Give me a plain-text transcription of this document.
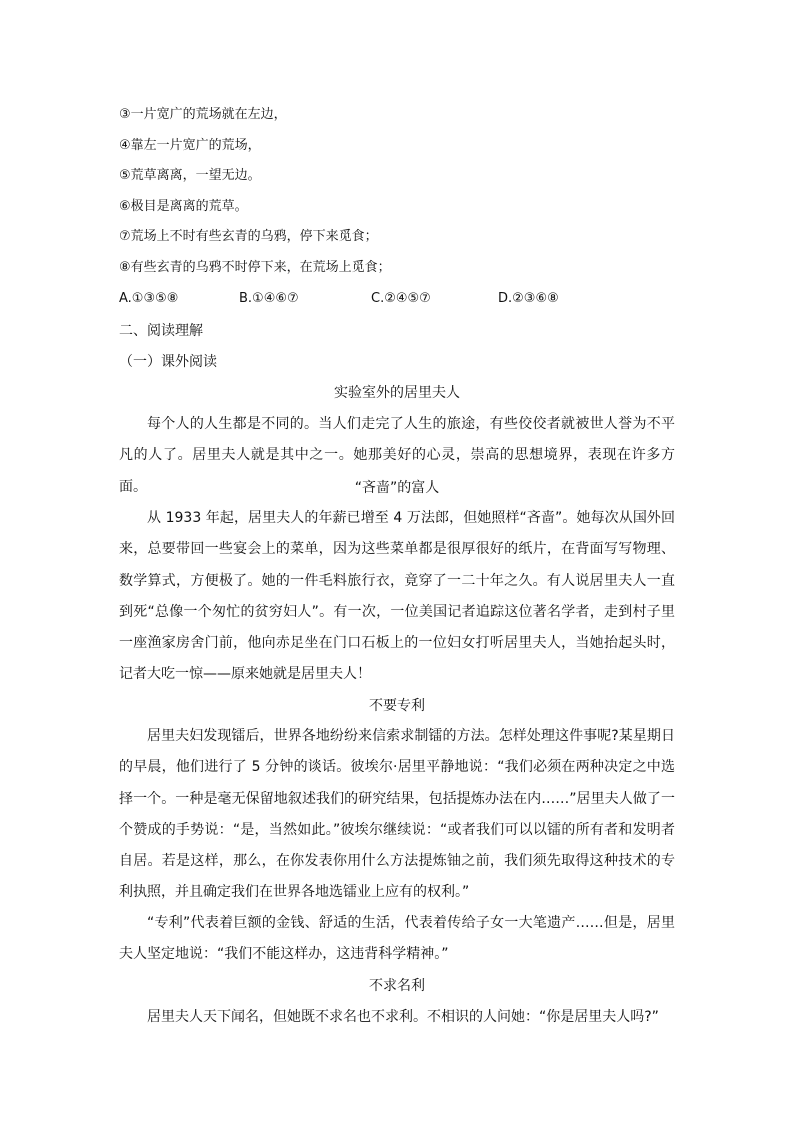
③一片宽广的荒场就在左边，
④靠左一片宽广的荒场，
⑤荒草离离，一望无边。
⑥极目是离离的荒草。
⑦荒场上不时有些玄青的乌鸦，停下来觅食；
⑧有些玄青的乌鸦不时停下来，在荒场上觅食；
A.①③⑤⑧	B.①④⑥⑦	C.②④⑤⑦	D.②③⑥⑧
二、阅读理解
（一）课外阅读
实验室外的居里夫人
每个人的人生都是不同的。当人们走完了人生的旅途，有些佼佼者就被世人誉为不平凡的人了。居里夫人就是其中之一。她那美好的心灵，崇高的思想境界，表现在许多方面。	“吝啬”的富人
从 1933 年起，居里夫人的年薪已增至 4 万法郎，但她照样“吝啬”。她每次从国外回来，总要带回一些宴会上的菜单，因为这些菜单都是很厚很好的纸片，在背面写写物理、数学算式，方便极了。她的一件毛料旅行衣，竟穿了一二十年之久。有人说居里夫人一直到死“总像一个匆忙的贫穷妇人”。有一次，一位美国记者追踪这位著名学者，走到村子里一座渔家房舍门前，他向赤足坐在门口石板上的一位妇女打听居里夫人，当她抬起头时，记者大吃一惊——原来她就是居里夫人！
不要专利
居里夫妇发现镭后，世界各地纷纷来信索求制镭的方法。怎样处理这件事呢?某星期日的早晨，他们进行了 5 分钟的谈话。彼埃尔·居里平静地说：“我们必须在两种决定之中选择一个。一种是毫无保留地叙述我们的研究结果，包括提炼办法在内……”居里夫人做了一个赞成的手势说：“是，当然如此。”彼埃尔继续说：“或者我们可以以镭的所有者和发明者自居。若是这样，那么，在你发表你用什么方法提炼铀之前，我们须先取得这种技术的专利执照，并且确定我们在世界各地选镭业上应有的权利。”
“专利”代表着巨额的金钱、舒适的生活，代表着传给子女一大笔遗产……但是，居里夫人坚定地说：“我们不能这样办，这违背科学精神。”
不求名利
居里夫人天下闻名，但她既不求名也不求利。不相识的人问她：“你是居里夫人吗?”
